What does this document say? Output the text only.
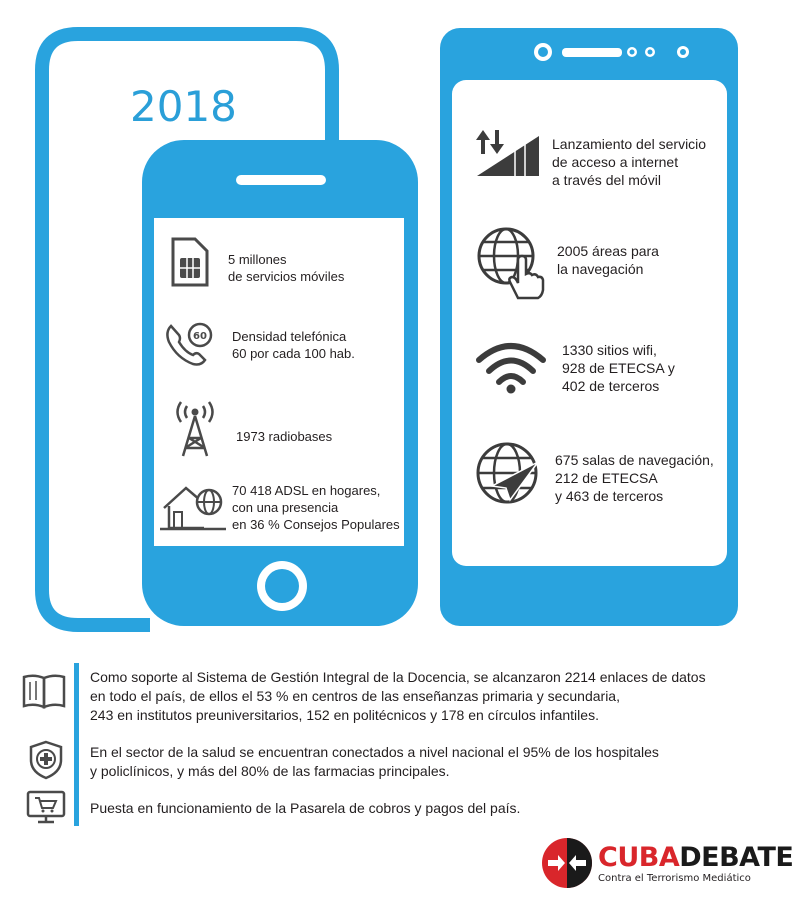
2018
60
5 millones
de servicios móviles
Densidad telefónica
60 por cada 100 hab.
1973 radiobases
70 418 ADSL en hogares,
con una presencia
en 36 % Consejos Populares
Lanzamiento del servicio
de acceso a internet
a través del móvil
2005 áreas para
la navegación
1330 sitios wifi,
928 de ETECSA y
402 de terceros
675 salas de navegación,
212 de ETECSA
y 463 de terceros
Como soporte al Sistema de Gestión Integral de la Docencia, se alcanzaron 2214 enlaces de datos
en todo el país, de ellos el 53 % en centros de las enseñanzas primaria y secundaria,
243 en institutos preuniversitarios, 152 en politécnicos y 178 en círculos infantiles.
En el sector de la salud se encuentran conectados a nivel nacional el 95% de los hospitales
y policlínicos, y más del 80% de las farmacias principales.
Puesta en funcionamiento de la Pasarela de cobros y pagos del país.
CUBADEBATE
Contra el Terrorismo Mediático
